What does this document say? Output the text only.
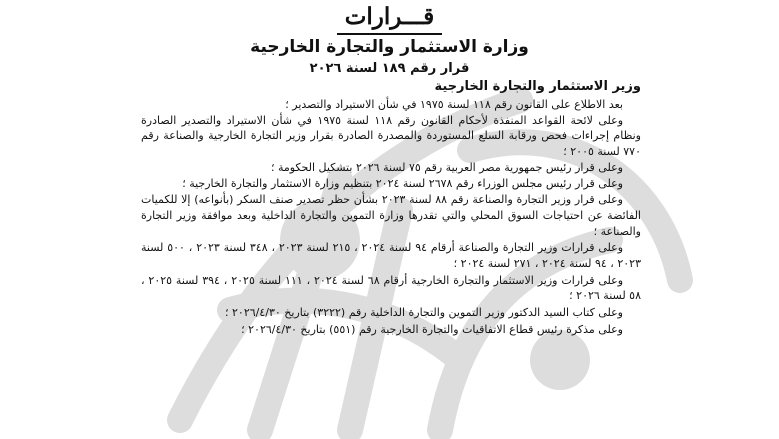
قـــرارات
وزارة الاستثمار والتجارة الخارجية
قرار رقم ١٨٩ لسنة ٢٠٢٦
وزير الاستثمار والتجارة الخارجية

بعد الاطلاع على القانون رقم ١١٨ لسنة ١٩٧٥ في شأن الاستيراد والتصدير ؛

وعلى لائحة القواعد المنفذة لأحكام القانون رقم ١١٨ لسنة ١٩٧٥ في شأن الاستيراد والتصدير الصادرة ونظام إجراءات فحص ورقابة السلع المستوردة والمصدرة الصادرة بقرار وزير التجارة الخارجية والصناعة رقم ٧٧٠ لسنة ٢٠٠٥ ؛

وعلى قرار رئيس جمهورية مصر العربية رقم ٧٥ لسنة ٢٠٢٦ بتشكيل الحكومة ؛

وعلى قرار رئيس مجلس الوزراء رقم ٢٦٧٨ لسنة ٢٠٢٤ بتنظيم وزارة الاستثمار والتجارة الخارجية ؛

وعلى قرار وزير التجارة والصناعة رقم ٨٨ لسنة ٢٠٢٣ بشأن حظر تصدير صنف السكر (بأنواعه) إلا للكميات الفائضة عن احتياجات السوق المحلي والتي تقدرها وزارة التموين والتجارة الداخلية وبعد موافقة وزير التجارة والصناعة ؛

وعلى قرارات وزير التجارة والصناعة أرقام ٩٤ لسنة ٢٠٢٤ ، ٢١٥ لسنة ٢٠٢٣ ، ٣٤٨ لسنة ٢٠٢٣ ، ٥٠٠ لسنة ٢٠٢٣ ، ٩٤ لسنة ٢٠٢٤ ، ٢٧١ لسنة ٢٠٢٤ ؛

وعلى قرارات وزير الاستثمار والتجارة الخارجية أرقام ٦٨ لسنة ٢٠٢٤ ، ١١١ لسنة ٢٠٢٥ ، ٣٩٤ لسنة ٢٠٢٥ ، ٥٨ لسنة ٢٠٢٦ ؛

وعلى كتاب السيد الدكتور وزير التموين والتجارة الداخلية رقم (٣٢٢٢) بتاريخ ٢٠٢٦/٤/٣٠ ؛

وعلى مذكرة رئيس قطاع الاتفاقيات والتجارة الخارجية رقم (٥٥١) بتاريخ ٢٠٢٦/٤/٣٠ ؛
